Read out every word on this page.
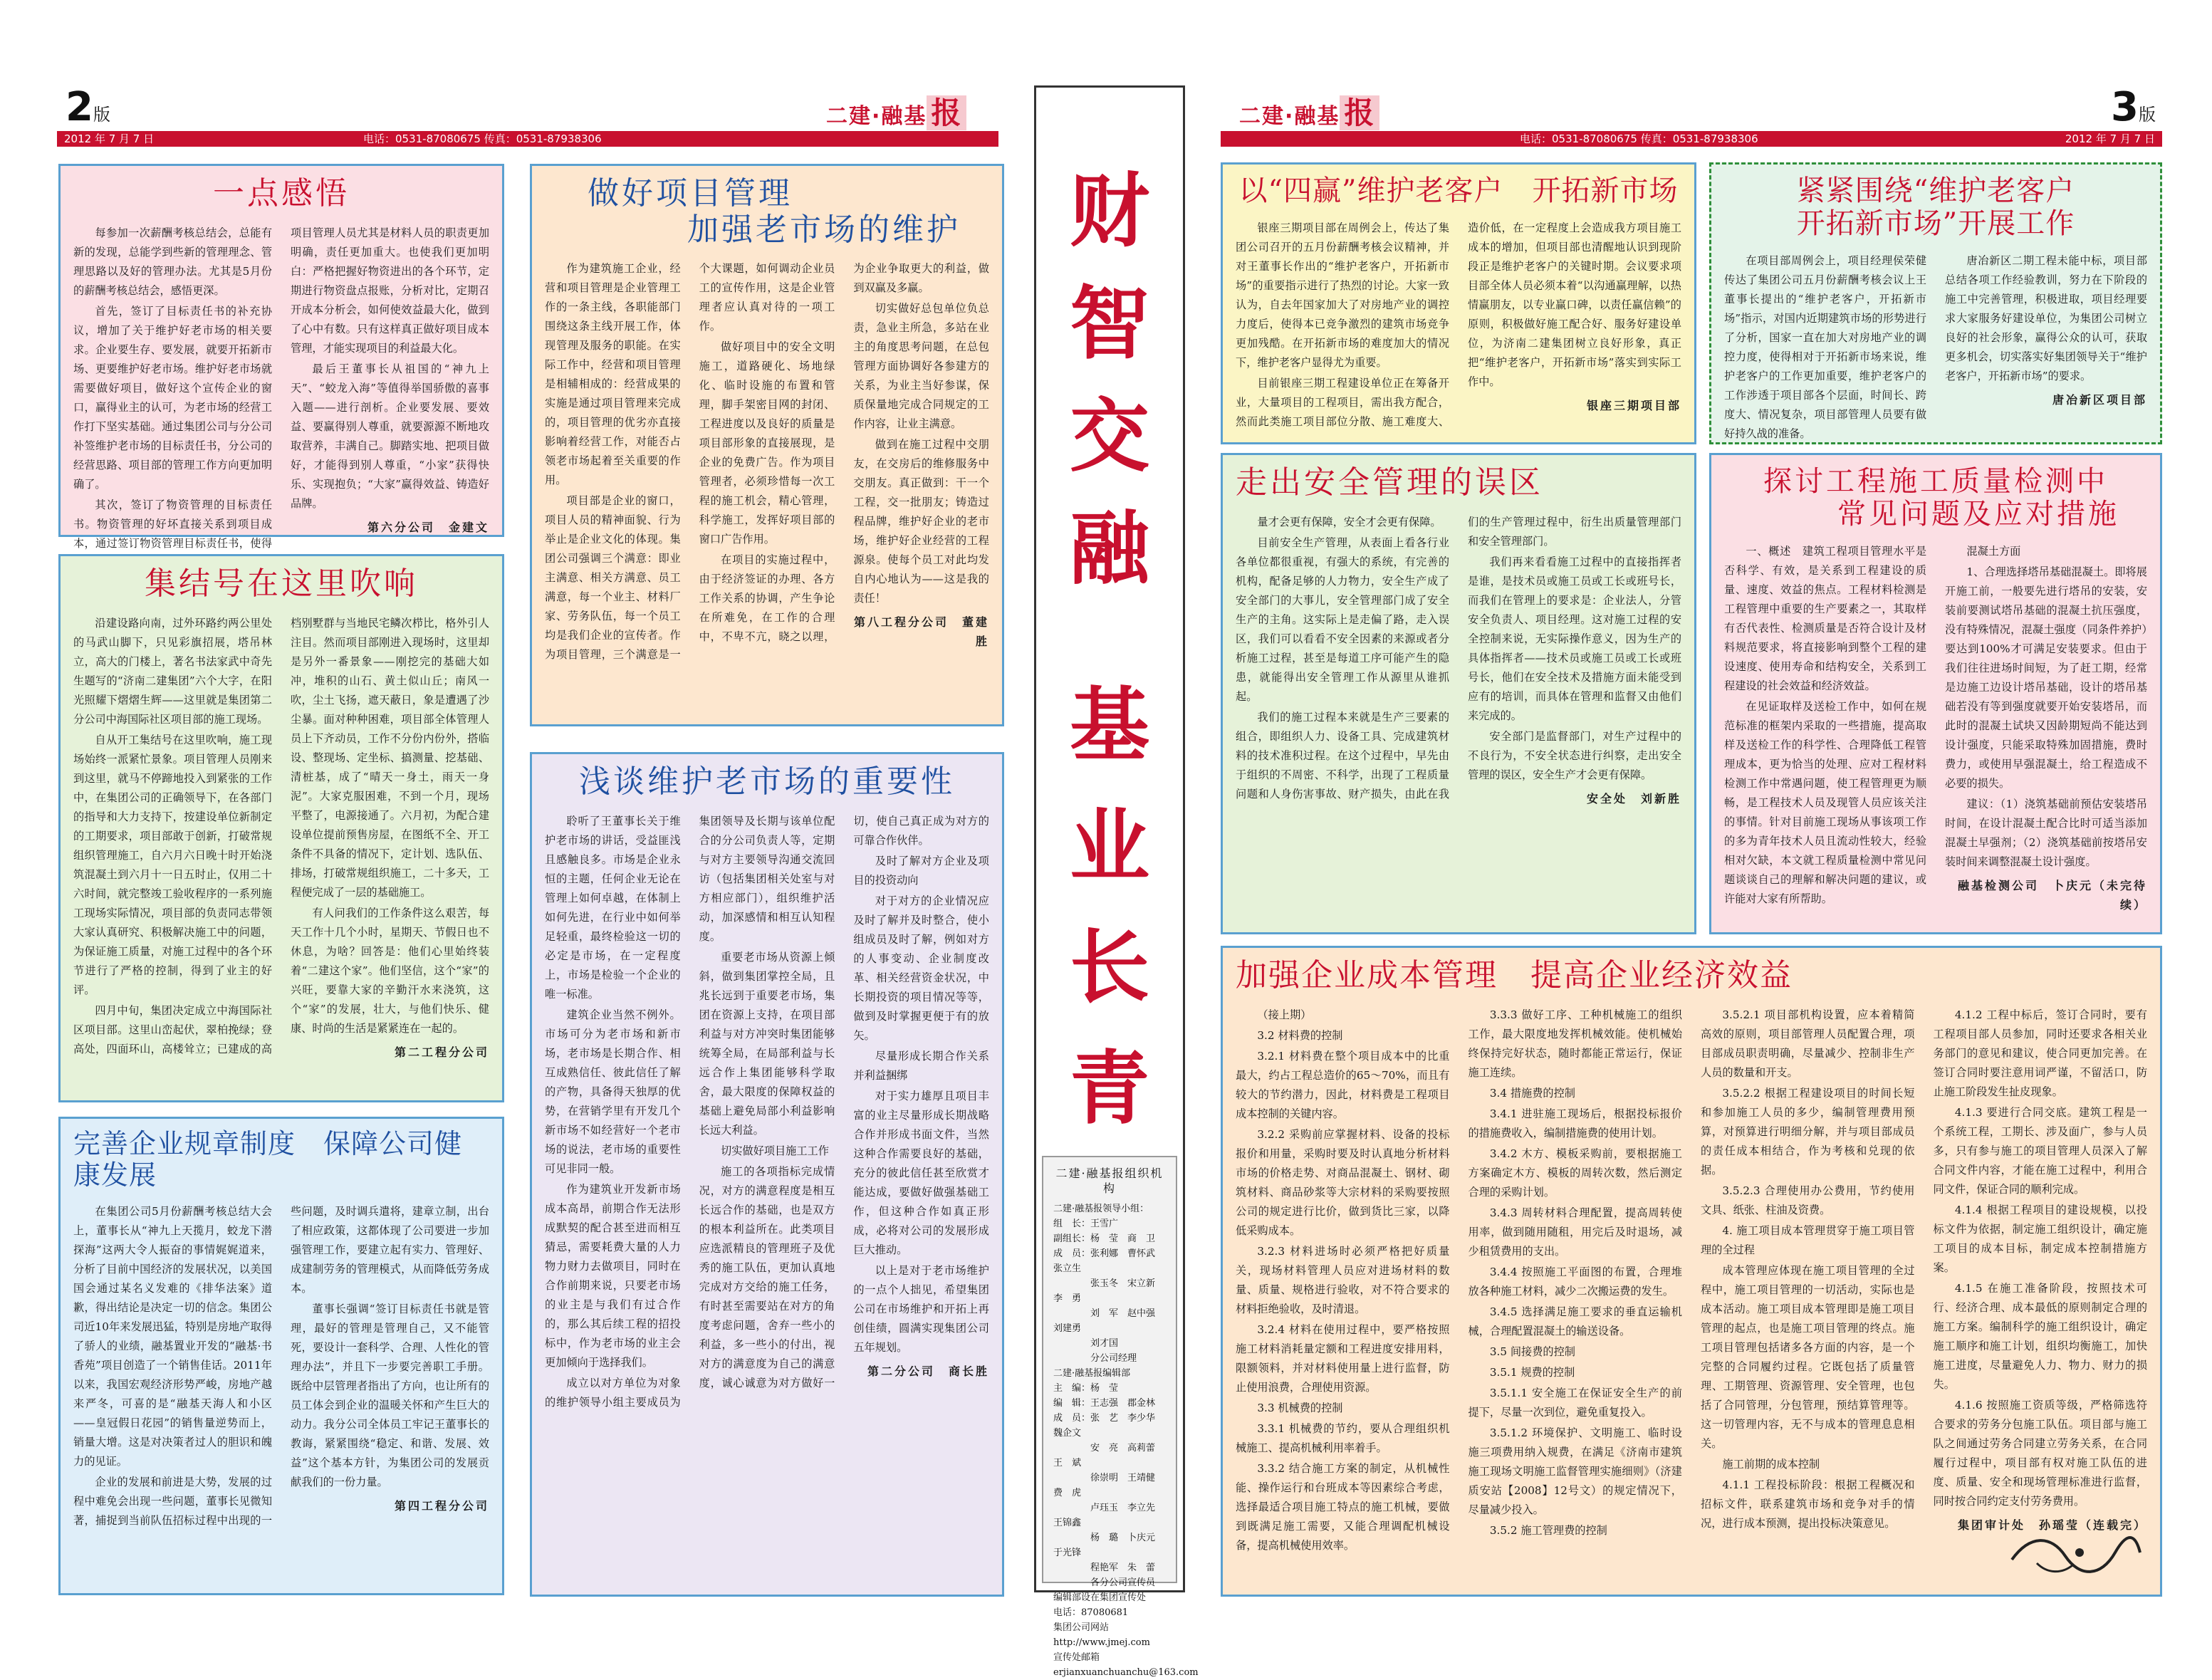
2版	二建·融基 报
2012 年 7 月 7 日	电话：0531-87080675 传真：0531-87938306
二建·融基 报	3版
电话：0531-87080675 传真：0531-87938306	2012 年 7 月 7 日
财
智
交
融
基
业
长
青
二建·融基报组织机构
二建·融基报领导小组：
组　长：王雪广
副组长：杨　莹　商　卫
成　员：张利娜　曹怀武　张立生
　　　　张玉冬　宋立新　李　勇
　　　　刘　军　赵中强　刘建勇
　　　　刘才国
　　　　分公司经理
二建·融基报编辑部
主　编：杨　莹
编　辑：王志强　郡金林
成　员：张　艺　李少华　魏企文
　　　　安　亮　高莉蕾　王　斌
　　　　徐崇明　王靖健　费　虎
　　　　卢珏玉　李立先　王锦鑫
　　　　杨　璐　卜庆元　于光锋
　　　　程艳军　朱　蕾
　　　　各分公司宣传员
编辑部设在集团宣传处
电话：87080681
集团公司网站http://www.jmej.com
宣传处邮箱
erjianxuanchuanchu@163.com
一点感悟

每参加一次薪酬考核总结会，总能有新的发现，总能学到些新的管理理念、管理思路以及好的管理办法。尤其是5月份的薪酬考核总结会，感悟更深。

首先，签订了目标责任书的补充协议，增加了关于维护好老市场的相关要求。企业要生存、要发展，就要开拓新市场、更要维护好老市场。维护好老市场就需要做好项目，做好这个宣传企业的窗口，赢得业主的认可，为老市场的经营工作打下坚实基础。通过集团公司与分公司补签维护老市场的目标责任书，分公司的经营思路、项目部的管理工作方向更加明确了。

其次，签订了物资管理的目标责任书。物资管理的好坏直接关系到项目成本，通过签订物资管理目标责任书，使得项目管理人员尤其是材料人员的职责更加明确，责任更加重大。也使我们更加明白：严格把握好物资进出的各个环节，定期进行物资盘点报账，分析对比，定期召开成本分析会，如何使效益最大化，做到了心中有数。只有这样真正做好项目成本管理，才能实现项目的利益最大化。

最后王董事长从祖国的“神九上天”、“蛟龙入海”等值得举国骄傲的喜事入题——进行剖析。企业要发展、要效益、要赢得别人尊重，就要源源不断地攻取营养，丰满自己。脚踏实地、把项目做好，才能得到别人尊重，“小家”获得快乐、实现抱负；“大家”赢得效益、铸造好品牌。

第六分公司　金建文
集结号在这里吹响

沿建设路向南，过外环路约两公里处的马武山脚下，只见彩旗招展，塔吊林立，高大的门楼上，著名书法家武中奇先生题写的“济南二建集团”六个大字，在阳光照耀下熠熠生辉——这里就是集团第二分公司中海国际社区项目部的施工现场。

自从开工集结号在这里吹响，施工现场始终一派紧忙景象。项目管理人员刚来到这里，就马不停蹄地投入到紧张的工作中，在集团公司的正确领导下，在各部门的指导和大力支持下，按建设单位新制定的工期要求，项目部敢于创新，打破常规组织管理施工，自六月六日晚十时开始浇筑混凝土到六月十一日五时止，仅用二十六时间，就完整竣工验收程序的一系列施工现场实际情况，项目部的负责同志带领大家认真研究、积极解决施工中的问题，为保证施工质量，对施工过程中的各个环节进行了严格的控制，得到了业主的好评。

四月中旬，集团决定成立中海国际社区项目部。这里山峦起伏，翠柏挽绿；登高处，四面环山，高楼耸立；已建成的高档别墅群与当地民宅鳞次栉比，格外引人注目。然而项目部刚进入现场时，这里却是另外一番景象——刚挖完的基础大如冲，堆积的山石、黄土似山丘；南风一吹，尘土飞扬，遮天蔽日，象是遭遇了沙尘暴。面对种种困难，项目部全体管理人员上下齐动员，工作不分份内份外，搭临设、整现场、定坐标、搞测量、挖基础、清桩基，成了“晴天一身土，雨天一身泥”。大家克服困难，不到一个月，现场平整了，电源接通了。六月初，为配合建设单位提前预售房屋，在图纸不全、开工条件不具备的情况下，定计划、选队伍、排场，打破常规组织施工，二十多天，工程便完成了一层的基础施工。

有人问我们的工作条件这么艰苦，每天工作十几个小时，星期天、节假日也不休息，为啥？回答是：他们心里始终装着“二建这个家”。他们坚信，这个“家”的兴旺，要靠大家的辛勤汗水来浇筑，这个“家”的发展，壮大，与他们快乐、健康、时尚的生活是紧紧连在一起的。

第二工程分公司
完善企业规章制度　保障公司健康发展

在集团公司5月份薪酬考核总结大会上，董事长从“神九上天揽月，蛟龙下潜探海”这两大令人振奋的事情娓娓道来，分析了目前中国经济的发展状况，以美国国会通过某名义发难的《排华法案》道歉，得出结论是决定一切的信念。集团公司近10年来发展迅猛，特别是房地产取得了骄人的业绩，融基置业开发的“融基·书香苑”项目创造了一个销售佳话。2011年以来，我国宏观经济形势严峻，房地产越来严冬，可喜的是“融基天海人和小区——皇冠假日花园”的销售量逆势而上，销量大增。这是对决策者过人的胆识和魄力的见证。

企业的发展和前进是大势，发展的过程中难免会出现一些问题，董事长见微知著，捕捉到当前队伍招标过程中出现的一些问题，及时调兵遣将，建章立制，出台了相应政策，这都体现了公司要进一步加强管理工作，要建立起有实力、管理好、成建制劳务的管理模式，从而降低劳务成本。

董事长强调“签订目标责任书就是管理，最好的管理是管理自己，又不能管死，要设计一套科学、合理、人性化的管理办法”，并且下一步要完善职工手册。既给中层管理者指出了方向，也让所有的员工体会到企业的温暖关怀和产生巨大的动力。我分公司全体员工牢记王董事长的教诲，紧紧围绕“稳定、和谐、发展、效益”这个基本方针，为集团公司的发展贡献我们的一份力量。

第四工程分公司
做好项目管理
加强老市场的维护

作为建筑施工企业，经营和项目管理是企业管理工作的一条主线，各职能部门围绕这条主线开展工作，体现管理及服务的职能。在实际工作中，经营和项目管理是相辅相成的：经营成果的实施是通过项目管理来完成的，项目管理的优劣亦直接影响着经营工作，对能否占领老市场起着至关重要的作用。

项目部是企业的窗口，项目人员的精神面貌、行为举止是企业文化的体现。集团公司强调三个满意：即业主满意、相关方满意、员工满意，每一个业主、材料厂家、劳务队伍，每一个员工均是我们企业的宣传者。作为项目管理，三个满意是一个大课题，如何调动企业员工的宣传作用，这是企业管理者应认真对待的一项工作。

做好项目中的安全文明施工，道路硬化、场地绿化、临时设施的布置和管理，脚手架密目网的封闭、工程进度以及良好的质量是项目部形象的直接展现，是企业的免费广告。作为项目管理者，必须珍惜每一次工程的施工机会，精心管理，科学施工，发挥好项目部的窗口广告作用。

在项目的实施过程中，由于经济签证的办理、各方工作关系的协调，产生争论在所难免，在工作的合理中，不卑不亢，晓之以理，为企业争取更大的利益，做到双赢及多赢。

切实做好总包单位负总责，急业主所急，多站在业主的角度思考问题，在总包管理方面协调好各参建方的关系，为业主当好参谋，保质保量地完成合同规定的工作内容，让业主满意。

做到在施工过程中交朋友，在交房后的维修服务中交朋友。真正做到：干一个工程，交一批朋友；铸造过程品牌，维护好企业的老市场，维护好企业经营的工程源泉。使每个员工对此均发自内心地认为——这是我的责任！

第八工程分公司　董建胜
浅谈维护老市场的重要性

聆听了王董事长关于维护老市场的讲话，受益匪浅且感触良多。市场是企业永恒的主题，任何企业无论在管理上如何卓越，在体制上如何先进，在行业中如何举足轻重，最终检验这一切的必定是市场，在一定程度上，市场是检验一个企业的唯一标准。

建筑企业当然不例外。市场可分为老市场和新市场，老市场是长期合作、相互成熟信任、彼此信任了解的产物，具备得天独厚的优势，在营销学里有开发几个新市场不如经营好一个老市场的说法，老市场的重要性可见非同一般。

作为建筑业开发新市场成本高昂，前期合作无法形成默契的配合甚至进而相互猜忌，需要耗费大量的人力物力财力去做项目，同时在合作前期来说，只要老市场的业主是与我们有过合作的，那么其后续工程的招投标中，作为老市场的业主会更加倾向于选择我们。

成立以对方单位为对象的维护领导小组主要成员为集团领导及长期与该单位配合的分公司负责人等，定期与对方主要领导沟通交流回访（包括集团相关处室与对方相应部门），组织维护活动，加深感情和相互认知程度。

重要老市场从资源上倾斜，做到集团掌控全局，且兆长远到于重要老市场，集团在资源上支持，在项目部利益与对方冲突时集团能够统筹全局，在局部利益与长远合作上集团能够科学取舍，最大限度的保障权益的基础上避免局部小利益影响长远大利益。

切实做好项目施工工作

施工的各项指标完成情况，对方的满意程度是相互长远合作的基础，也是双方的根本利益所在。此类项目应选派精良的管理班子及优秀的施工队伍，更加认真地完成对方交给的施工任务，有时甚至需要站在对方的角度考虑问题，舍弃一些小的利益，多一些小的付出，视对方的满意度为自己的满意度，诚心诚意为对方做好一切，使自己真正成为对方的可靠合作伙伴。

及时了解对方企业及项目的投资动向

对于对方的企业情况应及时了解并及时整合，使小组成员及时了解，例如对方的人事变动、企业制度改革、相关经营资金状况，中长期投资的项目情况等等，做到及时掌握更便于有的放矢。

尽量形成长期合作关系并利益捆绑

对于实力雄厚且项目丰富的业主尽量形成长期战略合作并形成书面文件，当然这种合作需要良好的基础，充分的彼此信任甚至欣赏才能达成，要做好做强基础工作，但这种合作如真正形成，必将对公司的发展形成巨大推动。

以上是对于老市场维护的一点个人拙见，希望集团公司在市场维护和开拓上再创佳绩，圆满实现集团公司五年规划。

第二分公司　商长胜
以“四赢”维护老客户　开拓新市场

银座三期项目部在周例会上，传达了集团公司召开的五月份薪酬考核会议精神，并对王董事长作出的“维护老客户，开拓新市场”的重要指示进行了热烈的讨论。大家一致认为，自去年国家加大了对房地产业的调控力度后，使得本已竞争激烈的建筑市场竞争更加残酷。在开拓新市场的难度加大的情况下，维护老客户显得尤为重要。

目前银座三期工程建设单位正在筹备开业，大量项目的工程项目，需出我方配合，然而此类施工项目部位分散、施工难度大、造价低，在一定程度上会造成我方项目施工成本的增加，但项目部也清醒地认识到现阶段正是维护老客户的关键时期。会议要求项目部全体人员必须本着“以沟通赢理解，以热情赢朋友，以专业赢口碑，以责任赢信赖”的原则，积极做好施工配合好、服务好建设单位，为济南二建集团树立良好形象，真正把“维护老客户，开拓新市场”落实到实际工作中。

银座三期项目部
紧紧围绕“维护老客户
开拓新市场”开展工作

在项目部周例会上，项目经理侯荣健传达了集团公司五月份薪酬考核会议上王董事长提出的“维护老客户，开拓新市场”指示，对国内近期建筑市场的形势进行了分析，国家一直在加大对房地产业的调控力度，使得相对于开拓新市场来说，维护老客户的工作更加重要，维护老客户的工作涉透于项目部各个层面，时间长、跨度大、情况复杂，项目部管理人员要有做好持久战的准备。

唐冶新区二期工程未能中标，项目部总结各项工作经验教训，努力在下阶段的施工中完善管理，积极进取，项目经理要求大家服务好建设单位，为集团公司树立良好的社会形象，赢得公众的认可，获取更多机会，切实落实好集团领导关于“维护老客户，开拓新市场”的要求。

唐冶新区项目部
走出安全管理的误区

量才会更有保障，安全才会更有保障。

目前安全生产管理，从表面上看各行业各单位都很重视，有强大的系统，有完善的机构，配备足够的人力物力，安全生产成了安全部门的大事儿，安全管理部门成了安全生产的主角。这实际上是走偏了路，走入误区，我们可以看看不安全因素的来源或者分析施工过程，甚至是每道工序可能产生的隐患，就能得出安全管理工作从源里从谁抓起。

我们的施工过程本来就是生产三要素的组合，即组织人力、设备工具、完成建筑材料的技术准积过程。在这个过程中，早先由于组织的不周密、不科学，出现了工程质量问题和人身伤害事故、财产损失，由此在我们的生产管理过程中，衍生出质量管理部门和安全管理部门。

我们再来看看施工过程中的直接指挥者是谁，是技术员或施工员或工长或班号长，而我们在管理上的要求是：企业法人，分管安全负责人、项目经理。这对施工过程的安全控制来说，无实际操作意义，因为生产的具体指挥者——技术员或施工员或工长或班号长，他们在安全技术及措施方面未能受到应有的培训，而具体在管理和监督又由他们来完成的。

安全部门是监督部门，对生产过程中的不良行为，不安全状态进行纠察，走出安全管理的误区，安全生产才会更有保障。

安全处　刘新胜
探讨工程施工质量检测中
常见问题及应对措施

一、概述　建筑工程项目管理水平是否科学、有效，是关系到工程建设的质量、速度、效益的焦点。工程材料检测是工程管理中重要的生产要素之一，其取样有否代表性、检测质量是否符合设计及材料规范要求，将直接影响到整个工程的建设速度、使用寿命和结构安全，关系到工程建设的社会效益和经济效益。

在见证取样及送检工作中，如何在规范标准的框架内采取的一些措施，提高取样及送检工作的科学性、合理降低工程管理成本，更为恰当的处理、应对工程材料检测工作中常遇问题，使工程管理更为顺畅，是工程技术人员及现管人员应该关注的事情。针对目前施工现场从事该项工作的多为青年技术人员且流动性较大，经验相对欠缺，本文就工程质量检测中常见问题谈谈自己的理解和解决问题的建议，或许能对大家有所帮助。

混凝土方面

1、合理选择塔吊基础混凝土。即将展开施工前，一般要先进行塔吊的安装，安装前要测试塔吊基础的混凝土抗压强度，没有特殊情况，混凝土强度（同条件养护）要达到100%才可满足安装要求。但由于我们往往进场时间短，为了赶工期，经常是边施工边设计塔吊基础，设计的塔吊基础若没有等到强度就要开始安装塔吊，而此时的混凝土试块又因龄期短尚不能达到设计强度，只能采取特殊加固措施，费时费力，或使用早强混凝土，给工程造成不必要的损失。

建议：（1）浇筑基础前预估安装塔吊时间，在设计混凝土配合比时可适当添加混凝土早强剂；（2）浇筑基础前按塔吊安装时间来调整混凝土设计强度。

融基检测公司　卜庆元（未完待续）
加强企业成本管理　提高企业经济效益

（接上期）

3.2 材料费的控制

3.2.1 材料费在整个项目成本中的比重最大，约占工程总造价的65～70%，而且有较大的节约潜力，因此，材料费是工程项目成本控制的关键内容。

3.2.2 采购前应掌握材料、设备的投标报价和用量，采购时要及时认真地分析材料市场的价格走势、对商品混凝土、钢材、砌筑材料、商品砂浆等大宗材料的采购要按照公司的规定进行比价，做到货比三家，以降低采购成本。

3.2.3 材料进场时必须严格把好质量关，现场材料管理人员应对进场材料的数量、质量、规格进行验收，对不符合要求的材料拒绝验收，及时清退。

3.2.4 材料在使用过程中，要严格按照施工材料消耗量定额和工程进度安排用料，限额领料，并对材料使用量上进行监督，防止使用浪费，合理使用资源。

3.3 机械费的控制

3.3.1 机械费的节约，要从合理组织机械施工、提高机械利用率着手。

3.3.2 结合施工方案的制定，从机械性能、操作运行和台班成本等因素综合考虑，选择最适合项目施工特点的施工机械，要做到既满足施工需要，又能合理调配机械设备，提高机械使用效率。

3.3.3 做好工序、工种机械施工的组织工作，最大限度地发挥机械效能。使机械始终保持完好状态，随时都能正常运行，保证施工连续。

3.4 措施费的控制

3.4.1 进驻施工现场后，根据投标报价的措施费收入，编制措施费的使用计划。

3.4.2 木方、模板采购前，要根据施工方案确定木方、模板的周转次数，然后测定合理的采购计划。

3.4.3 周转材料合理配置，提高周转使用率，做到随用随租，用完后及时退场，减少租赁费用的支出。

3.4.4 按照施工平面图的布置，合理堆放各种施工材料，减少二次搬运费的发生。

3.4.5 选择满足施工要求的垂直运输机械，合理配置混凝土的输送设备。

3.5 间接费的控制

3.5.1 规费的控制

3.5.1.1 安全施工在保证安全生产的前提下，尽量一次到位，避免重复投入。

3.5.1.2 环境保护、文明施工、临时设施三项费用纳入规费，在满足《济南市建筑施工现场文明施工监督管理实施细则》（济建质安站【2008】12号文）的规定情况下，尽量减少投入。

3.5.2 施工管理费的控制

3.5.2.1 项目部机构设置，应本着精简高效的原则，项目部管理人员配置合理，项目部成员职责明确，尽量减少、控制非生产人员的数量和开支。

3.5.2.2 根据工程建设项目的时间长短和参加施工人员的多少，编制管理费用预算，对预算进行明细分解，并与项目部成员的责任成本相结合，作为考核和兑现的依据。

3.5.2.3 合理使用办公费用，节约使用文具、纸张、柱油及资费。

4. 施工项目成本管理贯穿于施工项目管理的全过程

成本管理应体现在施工项目管理的全过程中，施工项目管理的一切活动，实际也是成本活动。施工项目成本管理即是施工项目管理的起点，也是施工项目管理的终点。施工项目管理包括诸多各方面的内容，是一个完整的合同履约过程。它既包括了质量管理、工期管理、资源管理、安全管理，也包括了合同管理，分包管理，预结算管理等。这一切管理内容，无不与成本的管理息息相关。

施工前期的成本控制

4.1.1 工程投标阶段：根据工程概况和招标文件，联系建筑市场和竞争对手的情况，进行成本预测，提出投标决策意见。

4.1.2 工程中标后，签订合同时，要有工程项目部人员参加，同时还要求各相关业务部门的意见和建议，使合同更加完善。在签订合同时要注意用词严谨，不留活口，防止施工阶段发生扯皮现象。

4.1.3 要进行合同交底。建筑工程是一个系统工程，工期长、涉及面广，参与人员多，只有参与施工的项目管理人员深入了解合同文件内容，才能在施工过程中，利用合同文件，保证合同的顺利完成。

4.1.4 根据工程项目的建设规模，以投标文件为依据，制定施工组织设计，确定施工项目的成本目标，制定成本控制措施方案。

4.1.5 在施工准备阶段，按照技术可行、经济合理、成本最低的原则制定合理的施工方案。编制科学的施工组织设计，确定施工顺序和施工计划，组织均衡施工，加快施工进度，尽量避免人力、物力、财力的损失。

4.1.6 按照施工资质等级，严格筛选符合要求的劳务分包施工队伍。项目部与施工队之间通过劳务合同建立劳务关系，在合同履行过程中，项目部有权对施工队伍的进度、质量、安全和现场管理标准进行监督，同时按合同约定支付劳务费用。

集团审计处　孙瑶莹（连载完）
